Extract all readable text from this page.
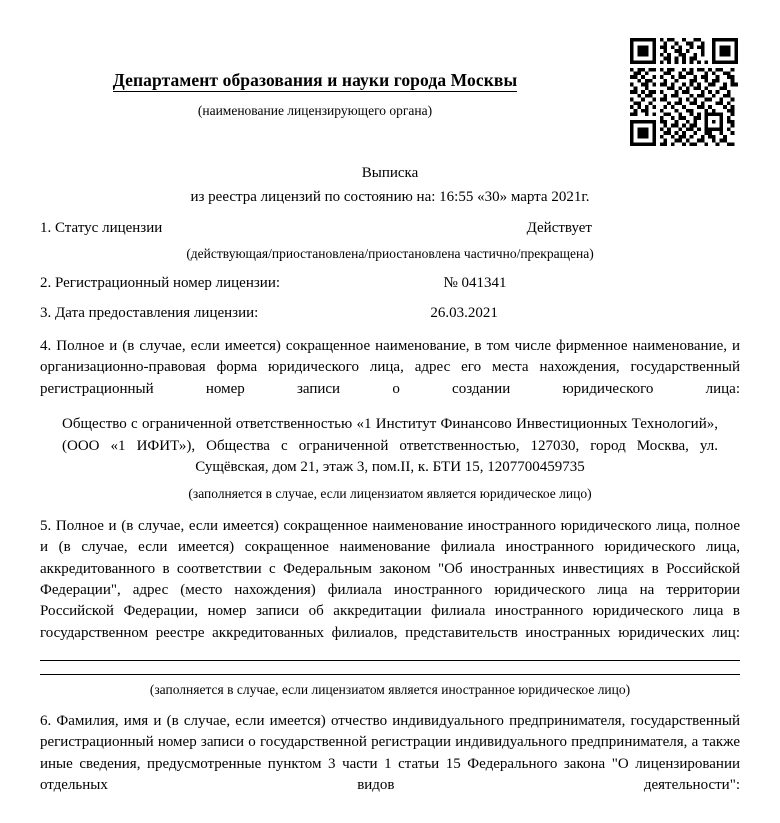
Департамент образования и науки города Москвы
(наименование лицензирующего органа)
Выписка
из реестра лицензий по состоянию на: 16:55 «30» марта 2021г.
1. Статус лицензии	Действует
(действующая/приостановлена/приостановлена частично/прекращена)
2. Регистрационный номер лицензии:	№ 041341
3. Дата предоставления лицензии:	26.03.2021
4. Полное и (в случае, если имеется) сокращенное наименование, в том числе фирменное наименование, и организационно-правовая форма юридического лица, адрес его места нахождения, государственный регистрационный номер записи о создании юридического лица:
Общество с ограниченной ответственностью «1 Институт Финансово Инвестиционных Технологий», (ООО «1 ИФИТ»), Общества с ограниченной ответственностью, 127030, город Москва, ул. Сущёвская, дом 21, этаж 3, пом.II, к. БТИ 15, 1207700459735
(заполняется в случае, если лицензиатом является юридическое лицо)
5. Полное и (в случае, если имеется) сокращенное наименование иностранного юридического лица, полное и (в случае, если имеется) сокращенное наименование филиала иностранного юридического лица, аккредитованного в соответствии с Федеральным законом "Об иностранных инвестициях в Российской Федерации", адрес (место нахождения) филиала иностранного юридического лица на территории Российской Федерации, номер записи об аккредитации филиала иностранного юридического лица в государственном реестре аккредитованных филиалов, представительств иностранных юридических лиц:
(заполняется в случае, если лицензиатом является иностранное юридическое лицо)
6. Фамилия, имя и (в случае, если имеется) отчество индивидуального предпринимателя, государственный регистрационный номер записи о государственной регистрации индивидуального предпринимателя, а также иные сведения, предусмотренные пунктом 3 части 1 статьи 15 Федерального закона "О лицензировании отдельных видов деятельности":
